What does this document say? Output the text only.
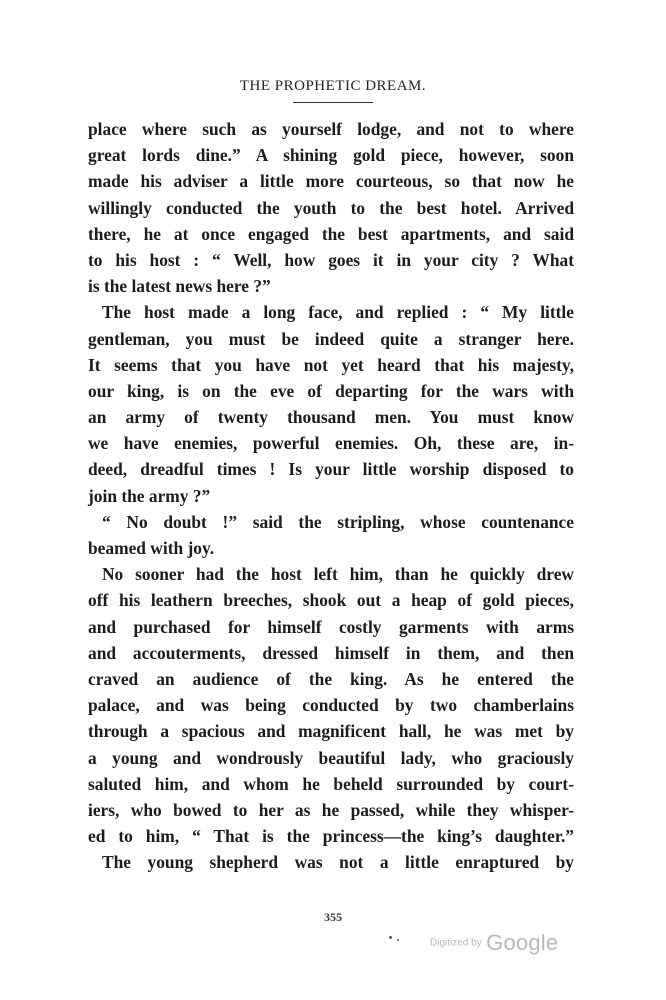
THE PROPHETIC DREAM.
place where such as yourself lodge, and not to where
great lords dine.” A shining gold piece, however, soon
made his adviser a little more courteous, so that now he
willingly conducted the youth to the best hotel. Arrived
there, he at once engaged the best apartments, and said
to his host : “ Well, how goes it in your city ? What
is the latest news here ?”
The host made a long face, and replied : “ My little
gentleman, you must be indeed quite a stranger here.
It seems that you have not yet heard that his majesty,
our king, is on the eve of departing for the wars with
an army of twenty thousand men. You must know
we have enemies, powerful enemies. Oh, these are, in-
deed, dreadful times ! Is your little worship disposed to
join the army ?”
“ No doubt !” said the stripling, whose countenance
beamed with joy.
No sooner had the host left him, than he quickly drew
off his leathern breeches, shook out a heap of gold pieces,
and purchased for himself costly garments with arms
and accouterments, dressed himself in them, and then
craved an audience of the king. As he entered the
palace, and was being conducted by two chamberlains
through a spacious and magnificent hall, he was met by
a young and wondrously beautiful lady, who graciously
saluted him, and whom he beheld surrounded by court-
iers, who bowed to her as he passed, while they whisper-
ed to him, “ That is the princess—the king’s daughter.”
The young shepherd was not a little enraptured by
355
Digitized by Google
